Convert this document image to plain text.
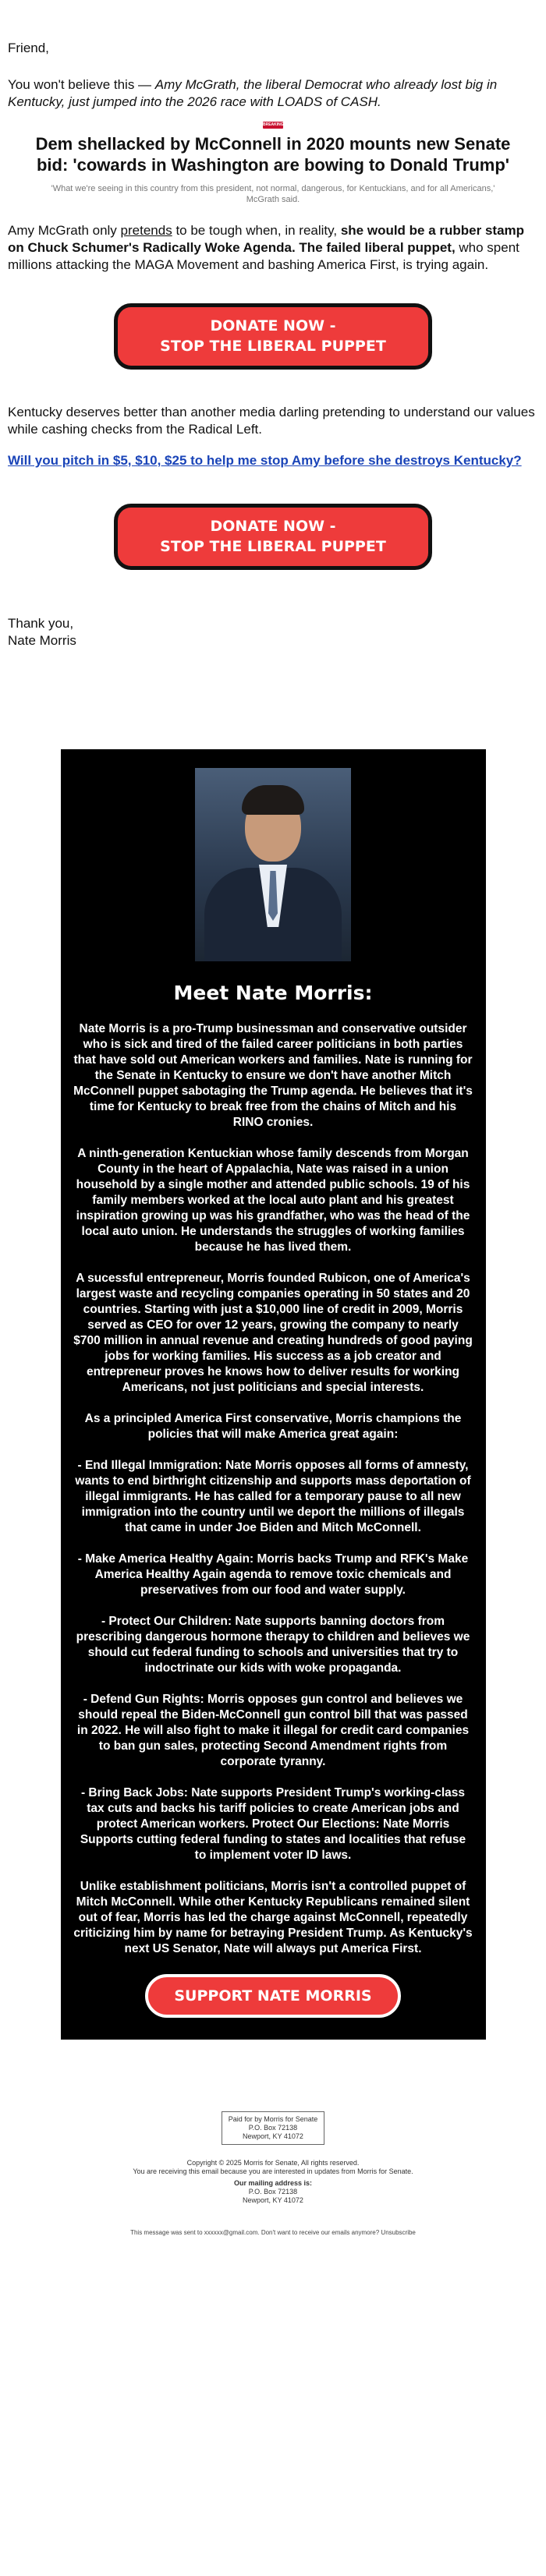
Friend,
You won't believe this — Amy McGrath, the liberal Democrat who already lost big in Kentucky, just jumped into the 2026 race with LOADS of CASH.
BREAKING
Dem shellacked by McConnell in 2020 mounts new Senate bid: 'cowards in Washington are bowing to Donald Trump'
'What we're seeing in this country from this president, not normal, dangerous, for Kentuckians, and for all Americans,' McGrath said.
Amy McGrath only pretends to be tough when, in reality, she would be a rubber stamp on Chuck Schumer's Radically Woke Agenda. The failed liberal puppet, who spent millions attacking the MAGA Movement and bashing America First, is trying again.
DONATE NOW -
STOP THE LIBERAL PUPPET
Kentucky deserves better than another media darling pretending to understand our values while cashing checks from the Radical Left.
Will you pitch in $5, $10, $25 to help me stop Amy before she destroys Kentucky?
DONATE NOW -
STOP THE LIBERAL PUPPET
Thank you,
Nate Morris
Meet Nate Morris:

Nate Morris is a pro-Trump businessman and conservative outsider who is sick and tired of the failed career politicians in both parties that have sold out American workers and families. Nate is running for the Senate in Kentucky to ensure we don't have another Mitch McConnell puppet sabotaging the Trump agenda. He believes that it's time for Kentucky to break free from the chains of Mitch and his RINO cronies.

A ninth-generation Kentuckian whose family descends from Morgan County in the heart of Appalachia, Nate was raised in a union household by a single mother and attended public schools. 19 of his family members worked at the local auto plant and his greatest inspiration growing up was his grandfather, who was the head of the local auto union. He understands the struggles of working families because he has lived them.

A sucessful entrepreneur, Morris founded Rubicon, one of America's largest waste and recycling companies operating in 50 states and 20 countries. Starting with just a $10,000 line of credit in 2009, Morris served as CEO for over 12 years, growing the company to nearly $700 million in annual revenue and creating hundreds of good paying jobs for working families. His success as a job creator and entrepreneur proves he knows how to deliver results for working Americans, not just politicians and special interests.

As a principled America First conservative, Morris champions the policies that will make America great again:

- End Illegal Immigration: Nate Morris opposes all forms of amnesty, wants to end birthright citizenship and supports mass deportation of illegal immigrants. He has called for a temporary pause to all new immigration into the country until we deport the millions of illegals that came in under Joe Biden and Mitch McConnell.

- Make America Healthy Again: Morris backs Trump and RFK's Make America Healthy Again agenda to remove toxic chemicals and preservatives from our food and water supply.

- Protect Our Children: Nate supports banning doctors from prescribing dangerous hormone therapy to children and believes we should cut federal funding to schools and universities that try to indoctrinate our kids with woke propaganda.

- Defend Gun Rights: Morris opposes gun control and believes we should repeal the Biden-McConnell gun control bill that was passed in 2022. He will also fight to make it illegal for credit card companies to ban gun sales, protecting Second Amendment rights from corporate tyranny.

- Bring Back Jobs: Nate supports President Trump's working-class tax cuts and backs his tariff policies to create American jobs and protect American workers. Protect Our Elections: Nate Morris Supports cutting federal funding to states and localities that refuse to implement voter ID laws.

Unlike establishment politicians, Morris isn't a controlled puppet of Mitch McConnell. While other Kentucky Republicans remained silent out of fear, Morris has led the charge against McConnell, repeatedly criticizing him by name for betraying President Trump. As Kentucky's next US Senator, Nate will always put America First.

SUPPORT NATE MORRIS
Paid for by Morris for Senate
P.O. Box 72138
Newport, KY 41072
Copyright © 2025 Morris for Senate, All rights reserved.
You are receiving this email because you are interested in updates from Morris for Senate.
Our mailing address is:
P.O. Box 72138
Newport, KY 41072
This message was sent to xxxxxx@gmail.com. Don't want to receive our emails anymore? Unsubscribe
